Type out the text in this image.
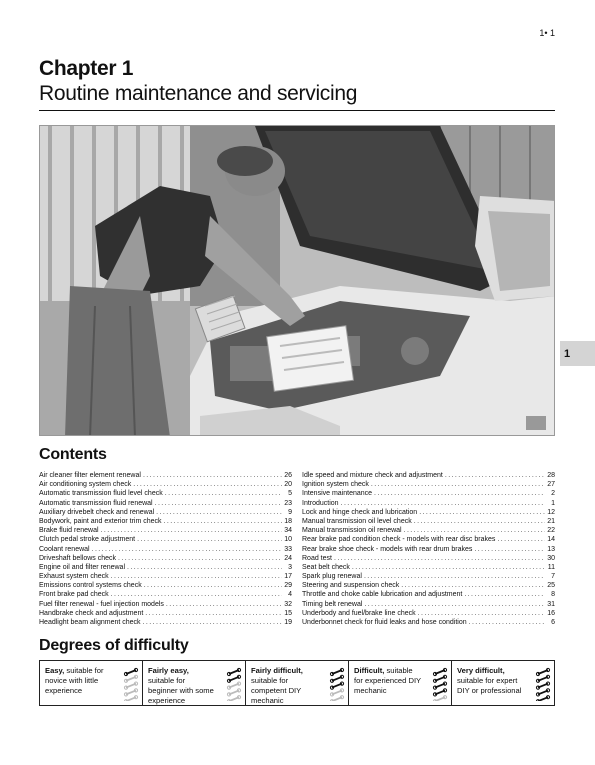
1• 1
Chapter 1
Routine maintenance and servicing
1
Contents
Air cleaner filter element renewal .....	26
Air conditioning system check .....	20
Automatic transmission fluid level check .....	5
Automatic transmission fluid renewal .....	23
Auxiliary drivebelt check and renewal .....	9
Bodywork, paint and exterior trim check .....	18
Brake fluid renewal .....	34
Clutch pedal stroke adjustment .....	10
Coolant renewal .....	33
Driveshaft bellows check .....	24
Engine oil and filter renewal .....	3
Exhaust system check .....	17
Emissions control systems check .....	29
Front brake pad check .....	4
Fuel filter renewal - fuel injection models .....	32
Handbrake check and adjustment .....	15
Headlight beam alignment check .....	19
Idle speed and mixture check and adjustment .....	28
Ignition system check .....	27
Intensive maintenance .....	2
Introduction .....	1
Lock and hinge check and lubrication .....	12
Manual transmission oil level check .....	21
Manual transmission oil renewal .....	22
Rear brake pad condition check - models with rear disc brakes .....	14
Rear brake shoe check - models with rear drum brakes .....	13
Road test .....	30
Seat belt check .....	11
Spark plug renewal .....	7
Steering and suspension check .....	25
Throttle and choke cable lubrication and adjustment .....	8
Timing belt renewal .....	31
Underbody and fuel/brake line check .....	16
Underbonnet check for fluid leaks and hose condition .....	6
Degrees of difficulty
Easy, suitable for novice with little experience
Fairly easy, suitable for beginner with some experience
Fairly difficult, suitable for competent DIY mechanic
Difficult, suitable for experienced DIY mechanic
Very difficult, suitable for expert DIY or professional
